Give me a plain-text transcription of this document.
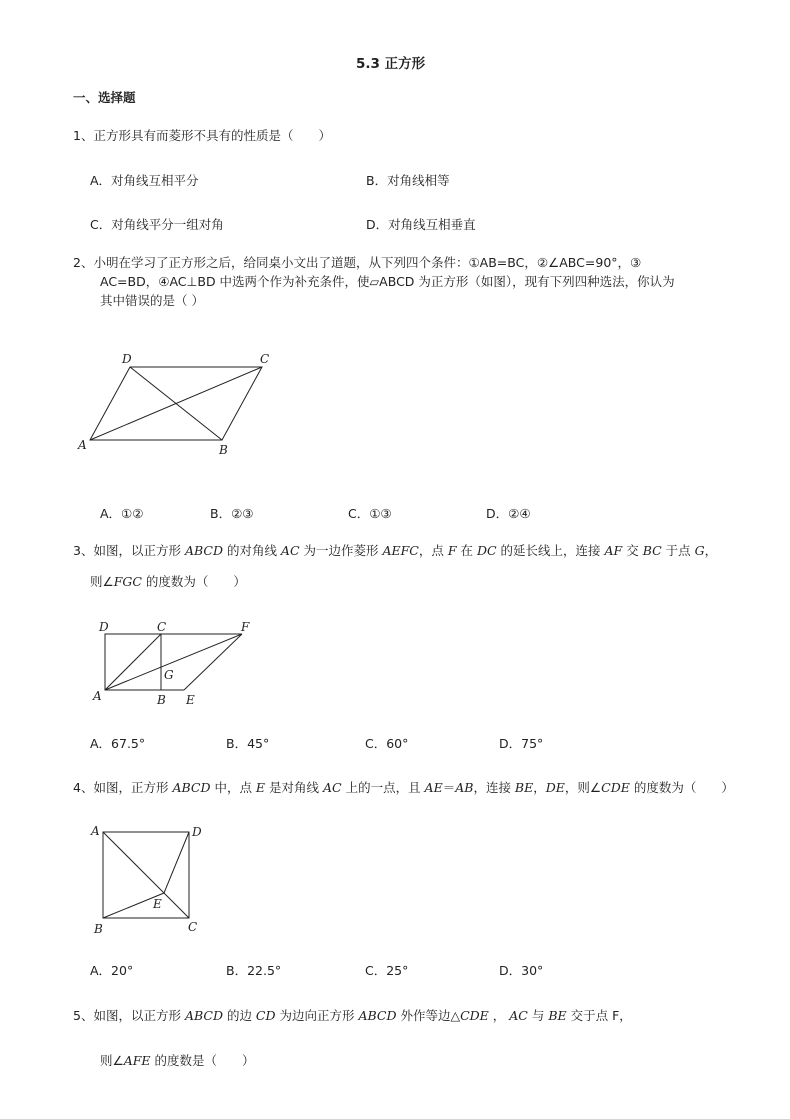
5.3 正方形
一、选择题
1、正方形具有而菱形不具有的性质是（　　）
A．对角线互相平分	B．对角线相等
C．对角线平分一组对角	D．对角线互相垂直
2、小明在学习了正方形之后，给同桌小文出了道题，从下列四个条件：①AB=BC，②∠ABC=90°，③
AC=BD，④AC⊥BD 中选两个作为补充条件，使▱ABCD 为正方形（如图），现有下列四种选法，你认为
其中错误的是（ ）
D	C
A	B
A．①②	B．②③	C．①③	D．②④
3、如图，以正方形 ABCD 的对角线 AC 为一边作菱形 AEFC，点 F 在 DC 的延长线上，连接 AF 交 BC 于点 G，
则∠FGC 的度数为（　　）
D	C	F
G
A	B E
A．67.5°	B．45°	C．60°	D．75°
4、如图，正方形 ABCD 中，点 E 是对角线 AC 上的一点，且 AE＝AB，连接 BE，DE，则∠CDE 的度数为（　　）
A	D
E
B	C
A．20°	B．22.5°	C．25°	D．30°
5、如图，以正方形 ABCD 的边 CD 为边向正方形 ABCD 外作等边△CDE ， AC 与 BE 交于点 F，
则∠AFE 的度数是（　　）
